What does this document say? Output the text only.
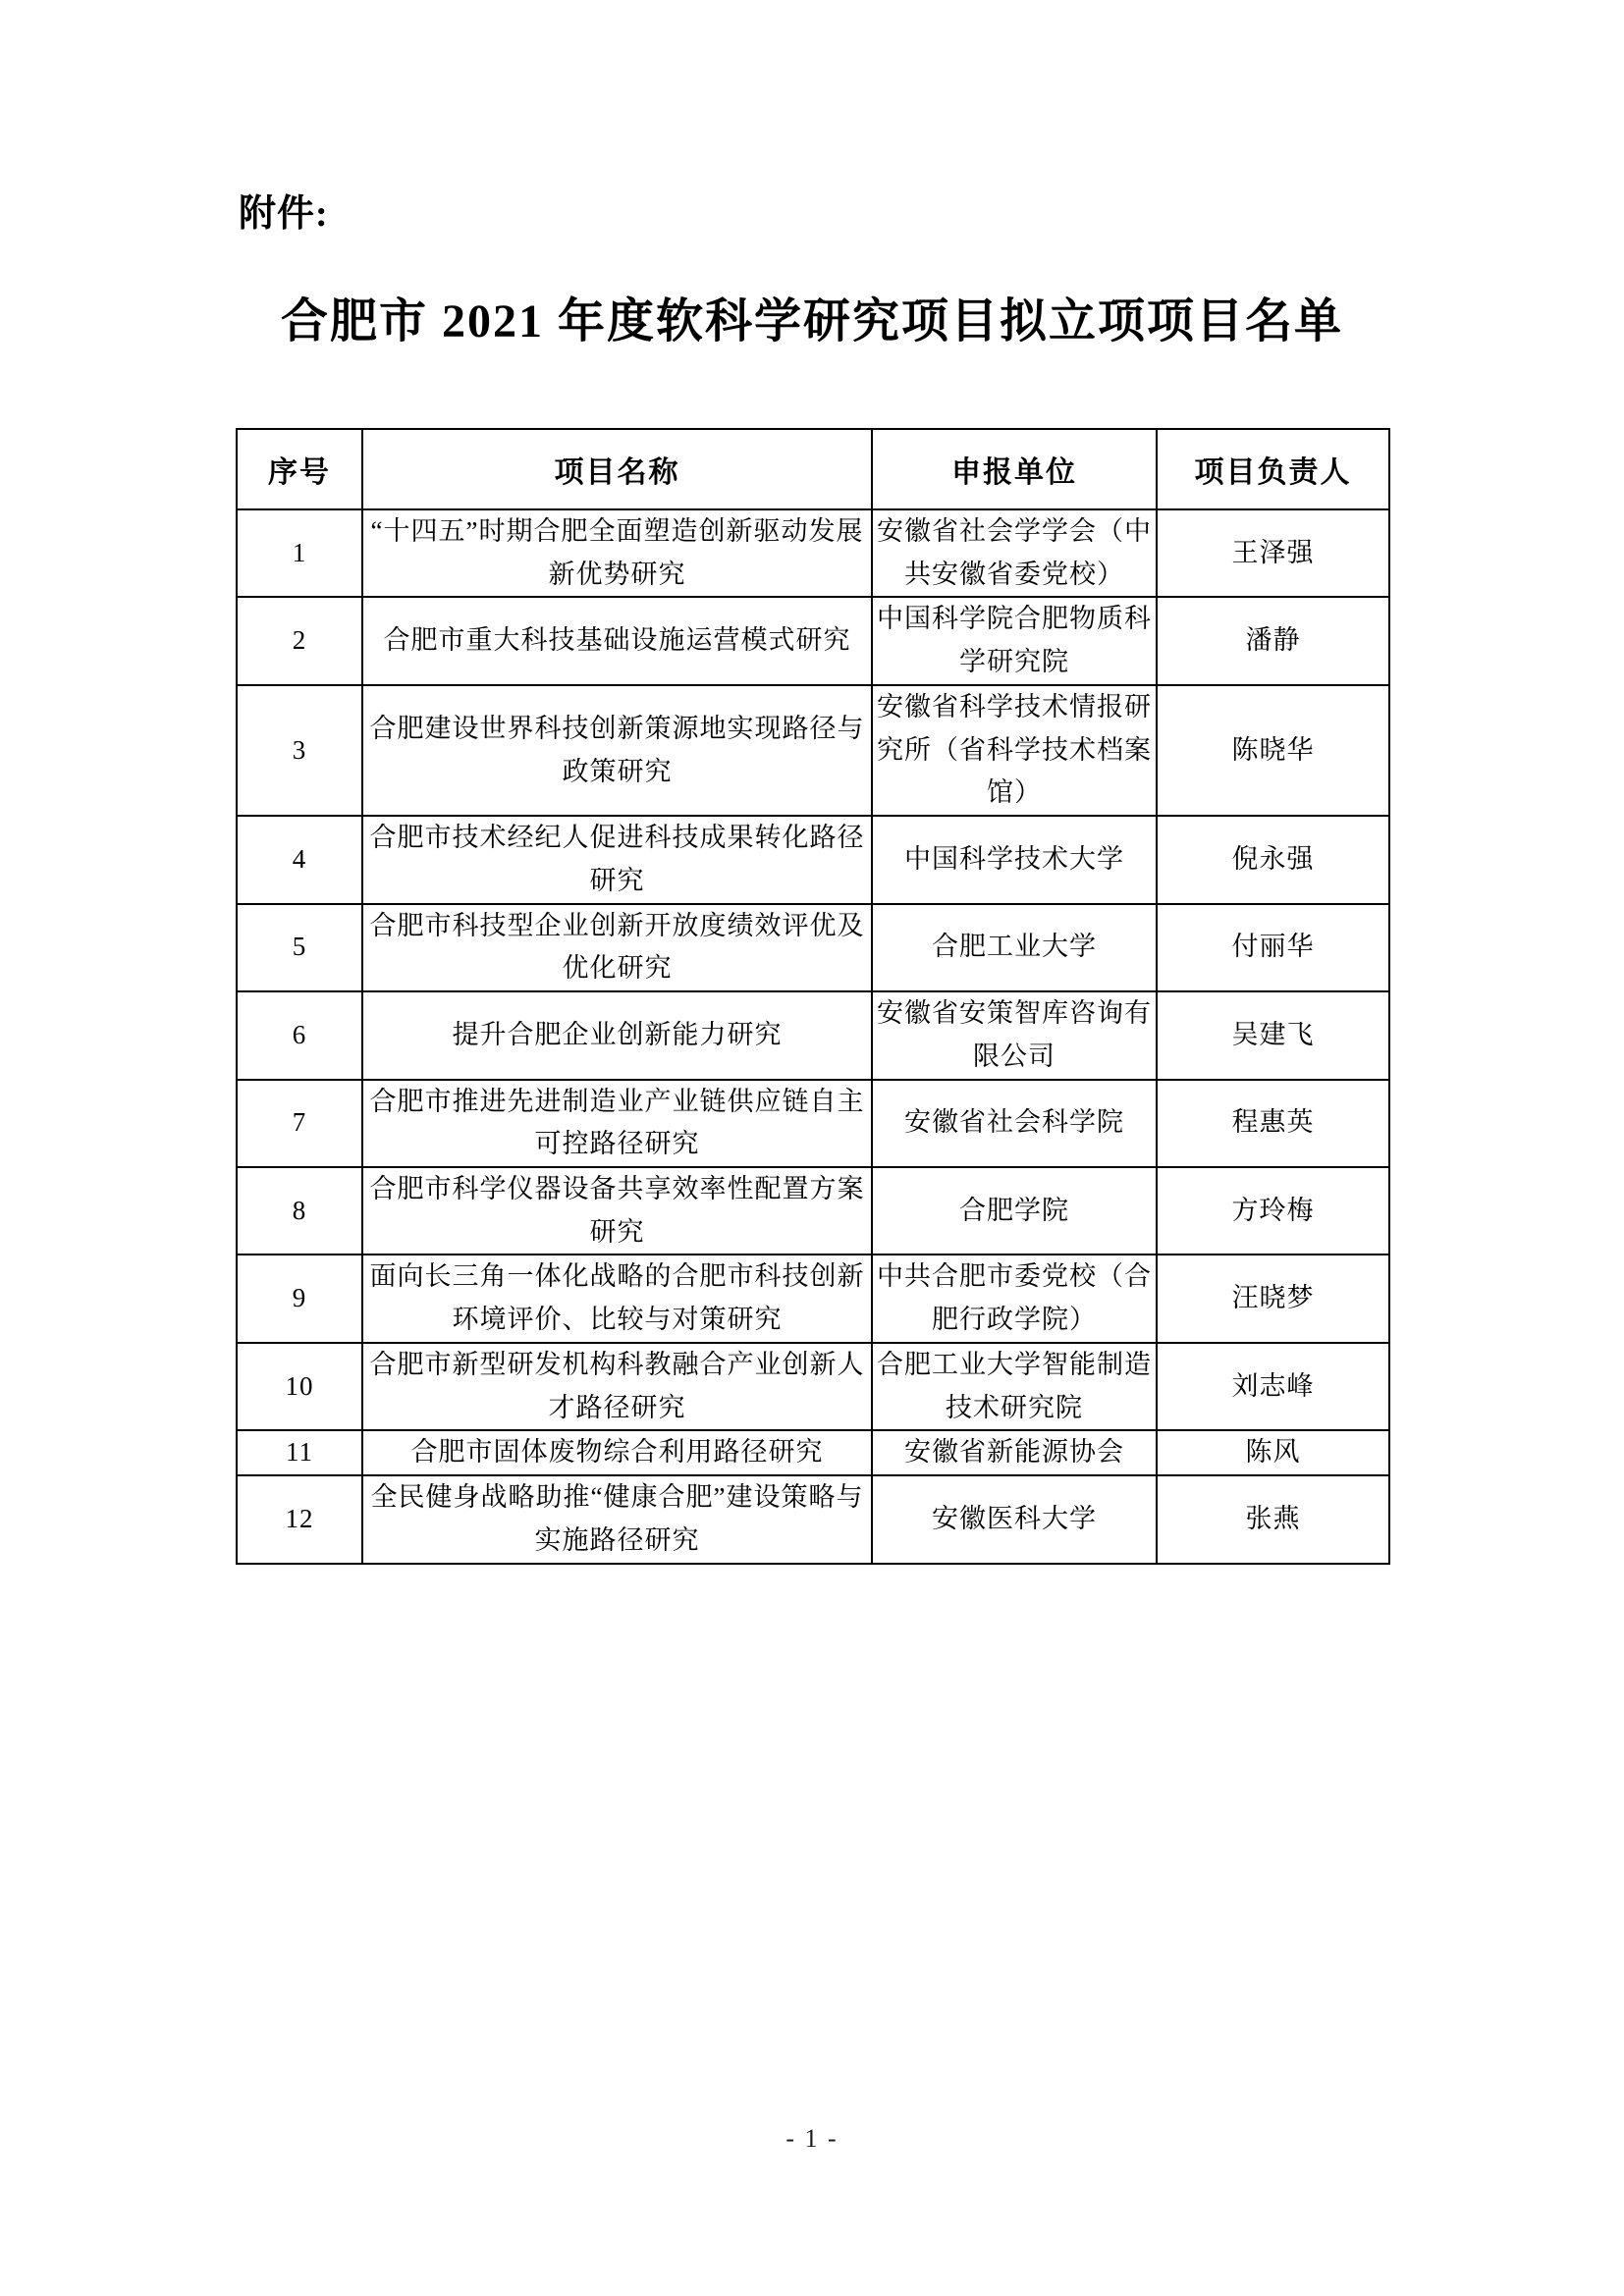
附件:
合肥市 2021 年度软科学研究项目拟立项项目名单
序号	项目名称	申报单位	项目负责人

1	“十四五”时期合肥全面塑造创新驱动发展新优势研究	安徽省社会学学会（中共安徽省委党校）	王泽强

2	合肥市重大科技基础设施运营模式研究	中国科学院合肥物质科学研究院	潘静

3	合肥建设世界科技创新策源地实现路径与政策研究	安徽省科学技术情报研究所（省科学技术档案馆）	陈晓华

4	合肥市技术经纪人促进科技成果转化路径研究	中国科学技术大学	倪永强

5	合肥市科技型企业创新开放度绩效评优及优化研究	合肥工业大学	付丽华

6	提升合肥企业创新能力研究	安徽省安策智库咨询有限公司	吴建飞

7	合肥市推进先进制造业产业链供应链自主可控路径研究	安徽省社会科学院	程惠英

8	合肥市科学仪器设备共享效率性配置方案研究	合肥学院	方玲梅

9	面向长三角一体化战略的合肥市科技创新环境评价、比较与对策研究	中共合肥市委党校（合肥行政学院）	汪晓梦

10	合肥市新型研发机构科教融合产业创新人才路径研究	合肥工业大学智能制造技术研究院	刘志峰

11	合肥市固体废物综合利用路径研究	安徽省新能源协会	陈风

12	全民健身战略助推“健康合肥”建设策略与实施路径研究	安徽医科大学	张燕
- 1 -
